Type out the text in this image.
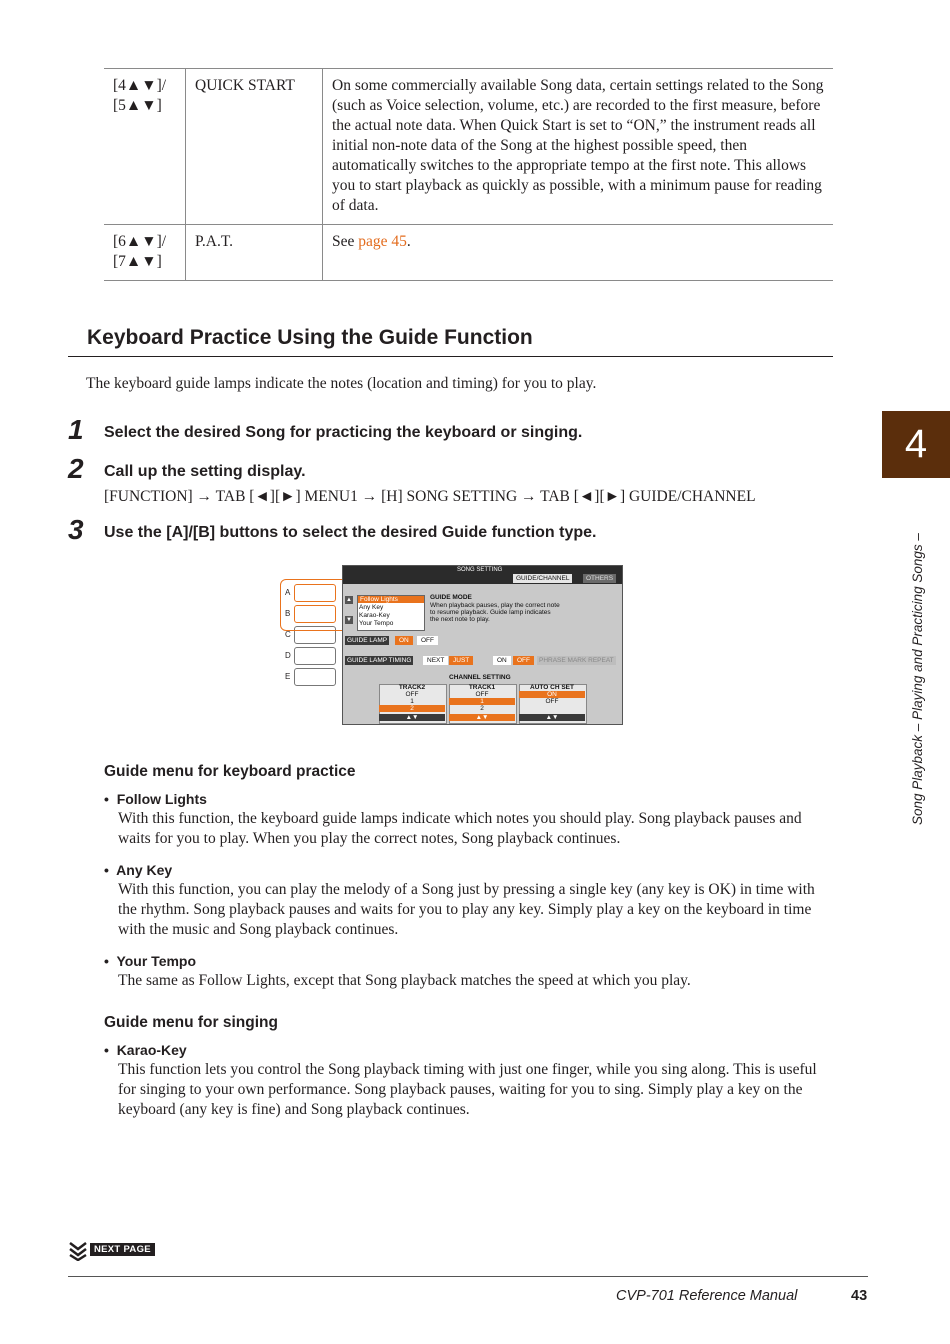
[4▲▼]/
[5▲▼]	QUICK START	On some commercially available Song data, certain settings related to the Song (such as Voice selection, volume, etc.) are recorded to the first measure, before the actual note data. When Quick Start is set to “ON,” the instrument reads all initial non-note data of the Song at the highest possible speed, then automatically switches to the appropriate tempo at the first note. This allows you to start playback as quickly as possible, with a minimum pause for reading of data.
[6▲▼]/
[7▲▼]	P.A.T.	See page 45.
Keyboard Practice Using the Guide Function
The keyboard guide lamps indicate the notes (location and timing) for you to play.
1 Select the desired Song for practicing the keyboard or singing.
2 Call up the setting display.
[FUNCTION] → TAB [◄][►] MENU1 → [H] SONG SETTING → TAB [◄][►] GUIDE/CHANNEL
3 Use the [A]/[B] buttons to select the desired Guide function type.
4
Song Playback – Playing and Practicing Songs –
A
B
C
D
E
SONG SETTING
GUIDE/CHANNEL	OTHERS
▲
▼
Follow Lights
Any Key
Karao-Key
Your Tempo
GUIDE MODE
When playback pauses, play the correct note
to resume playback. Guide lamp indicates
the next note to play.
GUIDE LAMP	ON	OFF
GUIDE LAMP TIMING	NEXT	JUST	ON	OFF	PHRASE MARK REPEAT
CHANNEL SETTING
TRACK2
OFF
1
2
▲▼
TRACK1
OFF
1
2
▲▼
AUTO CH SET
ON
OFF
▲▼
Guide menu for keyboard practice
•  Follow Lights
With this function, the keyboard guide lamps indicate which notes you should play. Song playback pauses and waits for you to play. When you play the correct notes, Song playback continues.
•  Any Key
With this function, you can play the melody of a Song just by pressing a single key (any key is OK) in time with the rhythm. Song playback pauses and waits for you to play any key. Simply play a key on the keyboard in time with the music and Song playback continues.
•  Your Tempo
The same as Follow Lights, except that Song playback matches the speed at which you play.
Guide menu for singing
•  Karao-Key
This function lets you control the Song playback timing with just one finger, while you sing along. This is useful for singing to your own performance. Song playback pauses, waiting for you to sing. Simply play a key on the keyboard (any key is fine) and Song playback continues.
NEXT PAGE
CVP-701 Reference Manual	43
